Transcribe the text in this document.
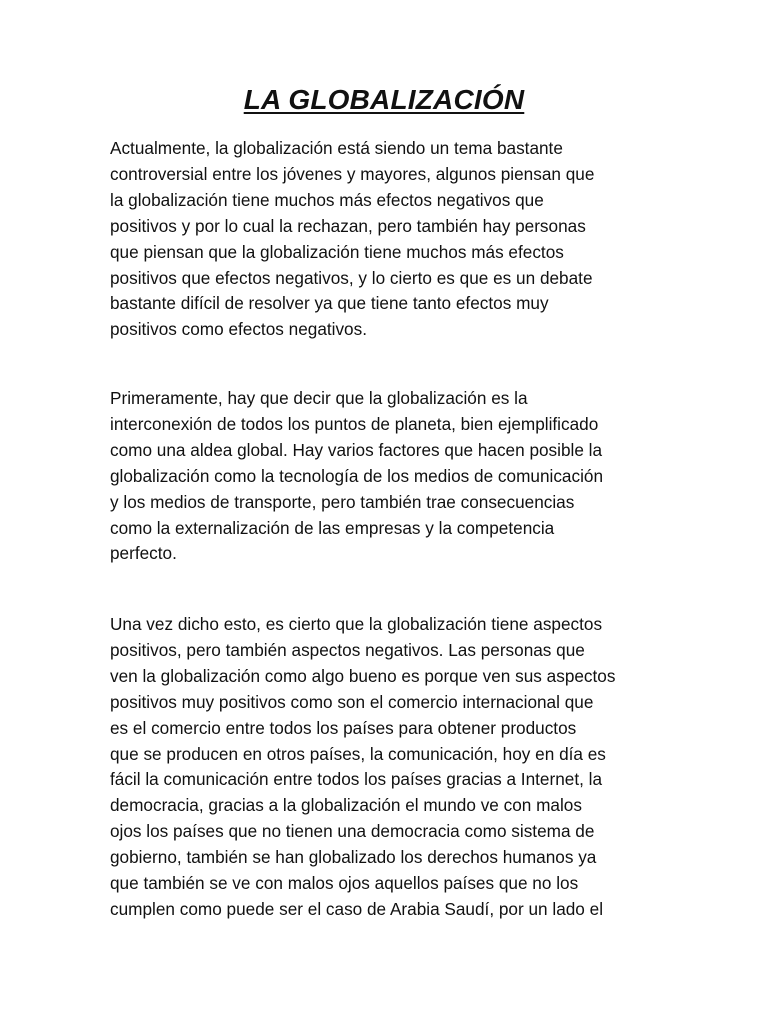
LA GLOBALIZACIÓN

Actualmente, la globalización está siendo un tema bastante
controversial entre los jóvenes y mayores, algunos piensan que
la globalización tiene muchos más efectos negativos que
positivos y por lo cual la rechazan, pero también hay personas
que piensan que la globalización tiene muchos más efectos
positivos que efectos negativos, y lo cierto es que es un debate
bastante difícil de resolver ya que tiene tanto efectos muy
positivos como efectos negativos.

Primeramente, hay que decir que la globalización es la
interconexión de todos los puntos de planeta, bien ejemplificado
como una aldea global. Hay varios factores que hacen posible la
globalización como la tecnología de los medios de comunicación
y los medios de transporte, pero también trae consecuencias
como la externalización de las empresas y la competencia
perfecto.

Una vez dicho esto, es cierto que la globalización tiene aspectos
positivos, pero también aspectos negativos. Las personas que
ven la globalización como algo bueno es porque ven sus aspectos
positivos muy positivos como son el comercio internacional que
es el comercio entre todos los países para obtener productos
que se producen en otros países, la comunicación, hoy en día es
fácil la comunicación entre todos los países gracias a Internet, la
democracia, gracias a la globalización el mundo ve con malos
ojos los países que no tienen una democracia como sistema de
gobierno, también se han globalizado los derechos humanos ya
que también se ve con malos ojos aquellos países que no los
cumplen como puede ser el caso de Arabia Saudí, por un lado el
